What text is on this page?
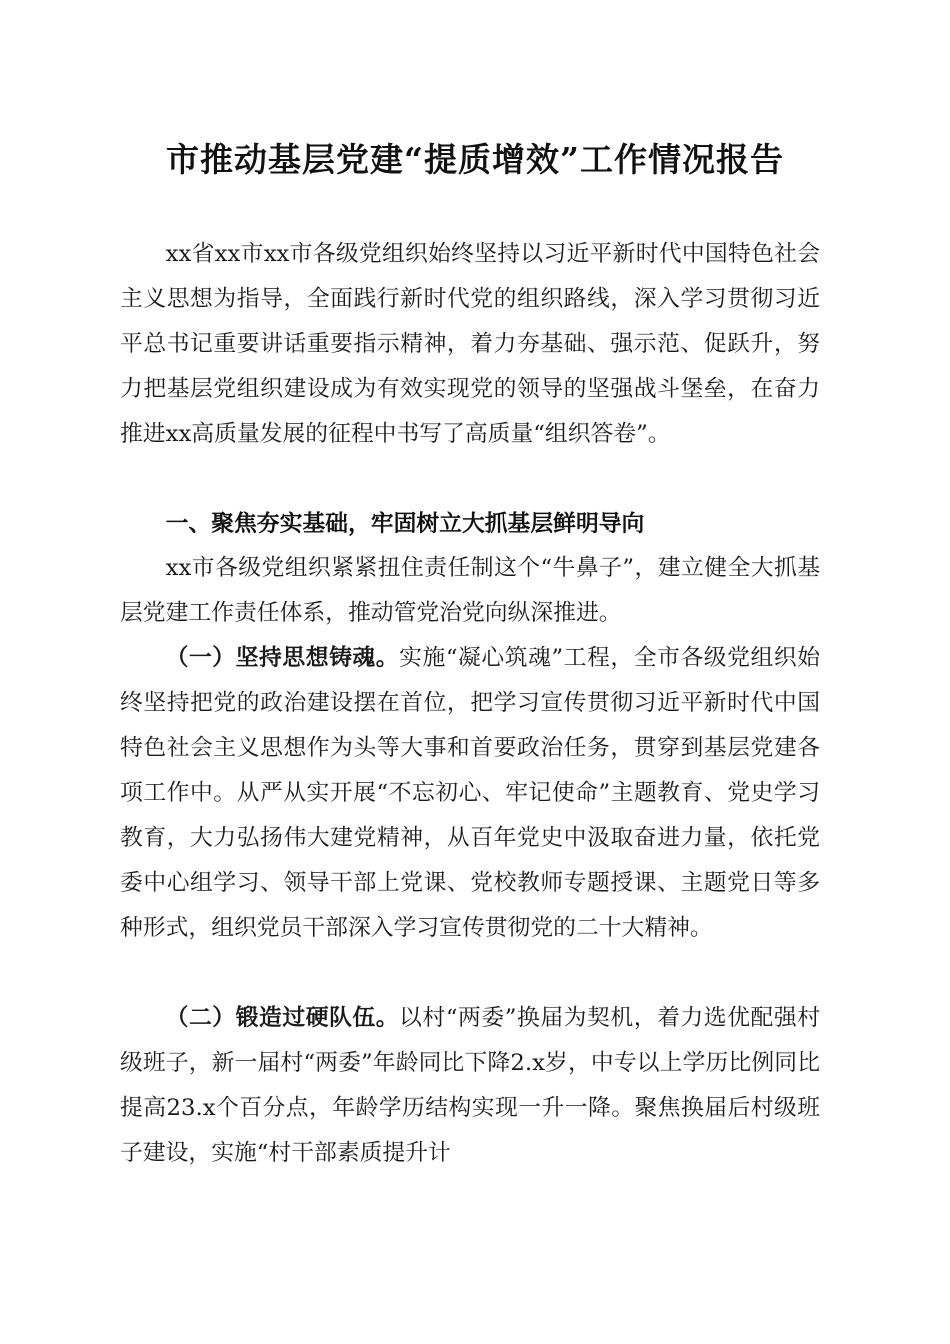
市推动基层党建“提质增效”工作情况报告

xx省xx市xx市各级党组织始终坚持以习近平新时代中国特色社会主义思想为指导，全面践行新时代党的组织路线，深入学习贯彻习近平总书记重要讲话重要指示精神，着力夯基础、强示范、促跃升，努力把基层党组织建设成为有效实现党的领导的坚强战斗堡垒，在奋力推进xx高质量发展的征程中书写了高质量“组织答卷”。

一、聚焦夯实基础，牢固树立大抓基层鲜明导向

xx市各级党组织紧紧扭住责任制这个“牛鼻子”，建立健全大抓基层党建工作责任体系，推动管党治党向纵深推进。

（一）坚持思想铸魂。实施“凝心筑魂”工程，全市各级党组织始终坚持把党的政治建设摆在首位，把学习宣传贯彻习近平新时代中国特色社会主义思想作为头等大事和首要政治任务，贯穿到基层党建各项工作中。从严从实开展“不忘初心、牢记使命”主题教育、党史学习教育，大力弘扬伟大建党精神，从百年党史中汲取奋进力量，依托党委中心组学习、领导干部上党课、党校教师专题授课、主题党日等多种形式，组织党员干部深入学习宣传贯彻党的二十大精神。

（二）锻造过硬队伍。以村“两委”换届为契机，着力选优配强村级班子，新一届村“两委”年龄同比下降2.x岁，中专以上学历比例同比提高23.x个百分点，年龄学历结构实现一升一降。聚焦换届后村级班子建设，实施“村干部素质提升计
